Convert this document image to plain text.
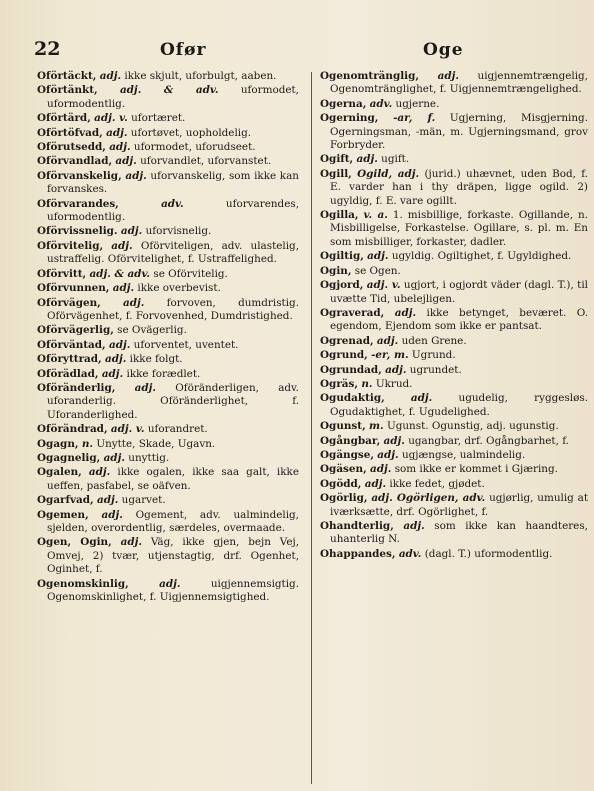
22	Ofør	Oge
Oförtäckt, adj. ikke skjult, uforbulgt, aaben.
Oförtänkt, adj. & adv. uformodet, uformodentlig.
Oförtärd, adj. v. ufortæret.
Oförtöfvad, adj. ufortøvet, uopholdelig.
Oförutsedd, adj. uformodet, uforudseet.
Oförvandlad, adj. uforvandlet, uforvanstet.
Oförvanskelig, adj. uforvanskelig, som ikke kan forvanskes.
Oförvarandes,	adv.	uforvarendes, uformodentlig.
Oförvissnelig. adj. uforvisnelig.
Oförvitelig, adj. Oförviteligen, adv. ulastelig, ustraffelig. Oförvitelighet, f. Ustraffelighed.
Oförvitt, adj. & adv. se Oförvitelig.
Oförvunnen, adj. ikke overbevist.
Oförvägen, adj. forvoven, dumdristig. Oförvägenhet, f. Forvovenhed, Dumdristighed.
Oförvägerlig, se Ovägerlig.
Oförväntad, adj. uforventet, uventet.
Oföryttrad, adj. ikke folgt.
Oförädlad, adj. ikke forædlet.
Oföränderlig, adj. Oföränderligen, adv. uforanderlig. Oföränderlighet, f. Uforanderlighed.
Oförändrad, adj. v. uforandret.
Ogagn, n. Unytte, Skade, Ugavn.
Ogagnelig, adj. unyttig.
Ogalen, adj. ikke ogalen, ikke saa galt, ikke ueffen, pasfabel, se oäfven.
Ogarfvad, adj. ugarvet.
Ogemen, adj. Ogement, adv. ualmindelig, sjelden, overordentlig, særdeles, overmaade.
Ogen, Ogin, adj. Väg, ikke gjen, bejn Vej, Omvej, 2) tvær, utjenstagtig, drf. Ogenhet, Oginhet, f.
Ogenomskinlig,	adj.	uigjennemsigtig. Ogenomskinlighet, f. Uigjennemsigtighed.
Ogenomtränglig, adj. uigjennemtrængelig, Ogenomtränglighet, f. Uigjennemtrængelighed.
Ogerna, adv. ugjerne.
Ogerning, -ar, f. Ugjerning, Misgjerning. Ogerningsman, -män, m. Ugjerningsmand, grov Forbryder.
Ogift, adj. ugift.
Ogill, Ogild, adj. (jurid.) uhævnet, uden Bod, f. E. varder han i thy dräpen, ligge ogild. 2) ugyldig, f. E. vare ogillt.
Ogilla, v. a. 1. misbillige, forkaste. Ogillande, n. Misbilligelse, Forkastelse. Ogillare, s. pl. m. En som misbilliger, forkaster, dadler.
Ogiltig, adj. ugyldig. Ogiltighet, f. Ugyldighed.
Ogin, se Ogen.
Ogjord, adj. v. ugjort, i ogjordt väder (dagl. T.), til uvætte Tid, ubelejligen.
Ograverad, adj. ikke betynget, beværet. O. egendom, Ejendom som ikke er pantsat.
Ogrenad, adj. uden Grene.
Ogrund, -er, m. Ugrund.
Ogrundad, adj. ugrundet.
Ogräs, n. Ukrud.
Ogudaktig,	adj.	ugudelig, ryggesløs. Ogudaktighet, f. Ugudelighed.
Ogunst, m. Ugunst. Ogunstig, adj. ugunstig.
Ogångbar, adj. ugangbar, drf. Ogångbarhet, f.
Ogängse, adj. ugjængse, ualmindelig.
Ogäsen, adj. som ikke er kommet i Gjæring.
Ogödd, adj. ikke fedet, gjødet.
Ogörlig, adj. Ogörligen, adv. ugjørlig, umulig at iværksætte, drf. Ogörlighet, f.
Ohandterlig, adj. som ikke kan haandteres, uhanterlig N.
Ohappandes, adv. (dagl. T.) uformodentlig.
